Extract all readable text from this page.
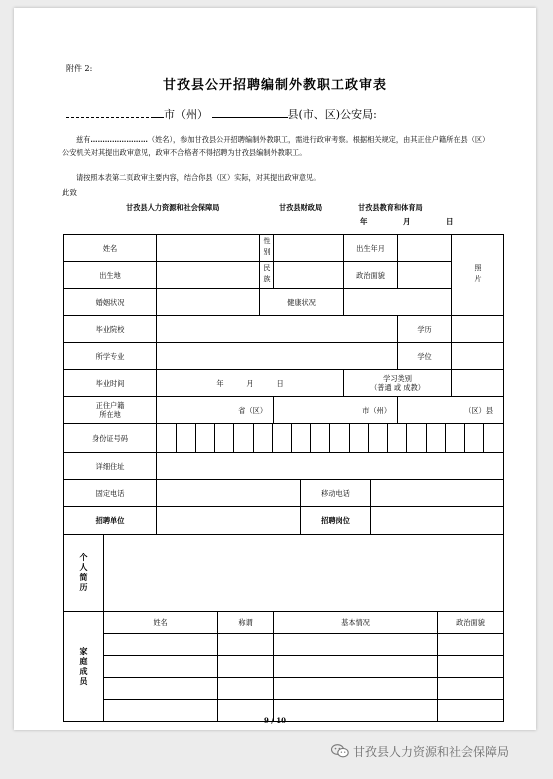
附件 2:
甘孜县公开招聘编制外教职工政审表
市（州）	县(市、区)公安局:
兹有……………………（姓名），参加甘孜县公开招聘编制外教职工，需进行政审考察。根据相关规定，由其正住户籍所在县（区）公安机关对其提出政审意见，政审不合格者不得招聘为甘孜县编制外教职工。
请按照本表第二页政审主要内容，结合你县（区）实际，对其提出政审意见。
此致
甘孜县人力资源和社会保障局	甘孜县财政局	甘孜县教育和体育局
年	月	日
姓名		性别		出生年月		
照片

出生地		民族		政治面貌	
婚姻状况		健康状况	
毕业院校		学历	
所学专业		学位	
毕业时间	年	月	日	学习类别
（普通 或 成教）	
正住户籍
所在地	省（区）	市（州）	（区）县
身份证号码	

详细住址	
固定电话		移动电话	
招聘单位		招聘岗位	

个人简历

家庭成员
	姓名	称谓	基本情况	政治面貌

9 / 10
甘孜县人力资源和社会保障局
